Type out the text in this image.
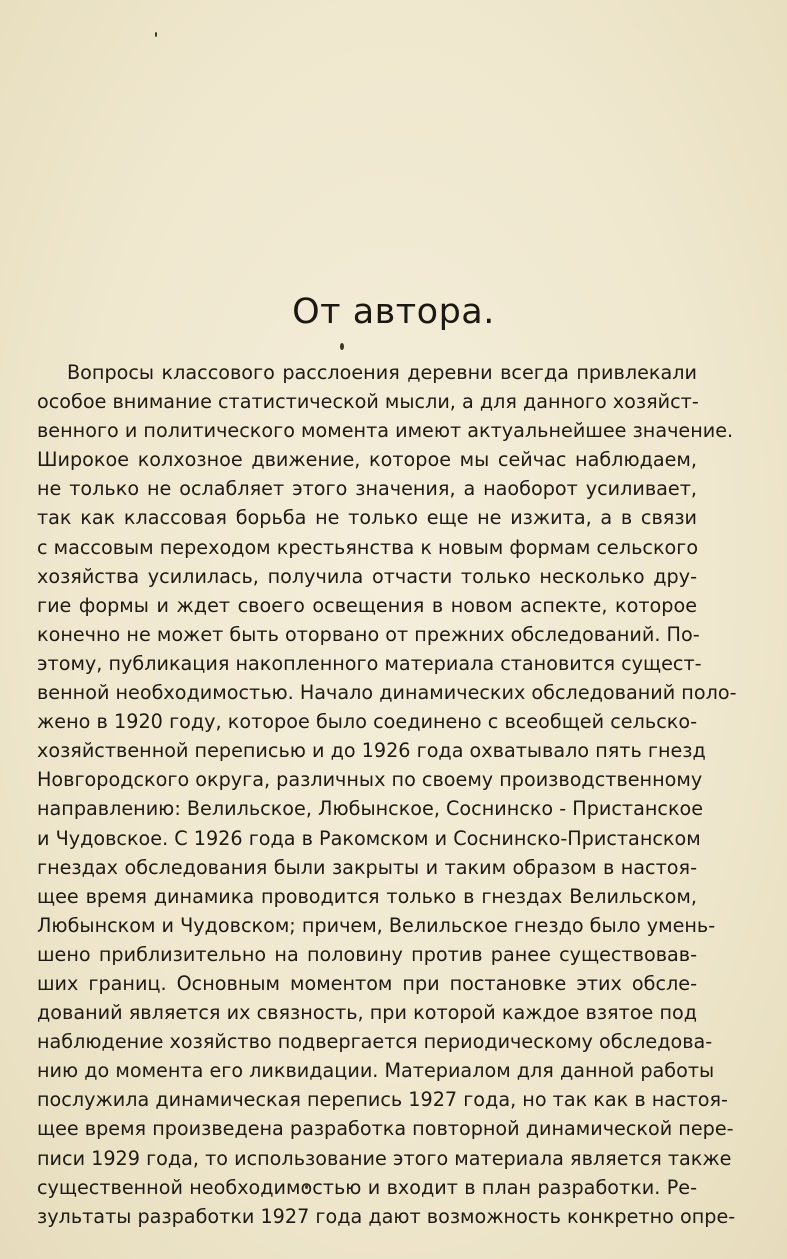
От автора.
Вопросы классового расслоения деревни всегда привлекали
особое внимание статистической мысли, а для данного хозяйст-
венного и политического момента имеют актуальнейшее значение.
Широкое колхозное движение, которое мы сейчас наблюдаем,
не только не ослабляет этого значения, а наоборот усиливает,
так как классовая борьба не только еще не изжита, а в связи
с массовым переходом крестьянства к новым формам сельского
хозяйства усилилась, получила отчасти только несколько дру-
гие формы и ждет своего освещения в новом аспекте, которое
конечно не может быть оторвано от прежних обследований. По-
этому, публикация накопленного материала становится сущест-
венной необходимостью. Начало динамических обследований поло-
жено в 1920 году, которое было соединено с всеобщей сельско-
хозяйственной переписью и до 1926 года охватывало пять гнезд
Новгородского округа, различных по своему производственному
направлению: Велильское, Любынское, Соснинско - Пристанское
и Чудовское. С 1926 года в Ракомском и Соснинско-Пристанском
гнездах обследования были закрыты и таким образом в настоя-
щее время динамика проводится только в гнездах Велильском,
Любынском и Чудовском; причем, Велильское гнездо было умень-
шено приблизительно на половину против ранее существовав-
ших границ. Основным моментом при постановке этих обсле-
дований является их связность, при которой каждое взятое под
наблюдение хозяйство подвергается периодическому обследова-
нию до момента его ликвидации. Материалом для данной работы
послужила динамическая перепись 1927 года, но так как в настоя-
щее время произведена разработка повторной динамической пере-
писи 1929 года, то использование этого материала является также
существенной необходимостью и входит в план разработки. Ре-
зультаты разработки 1927 года дают возможность конкретно опре-
